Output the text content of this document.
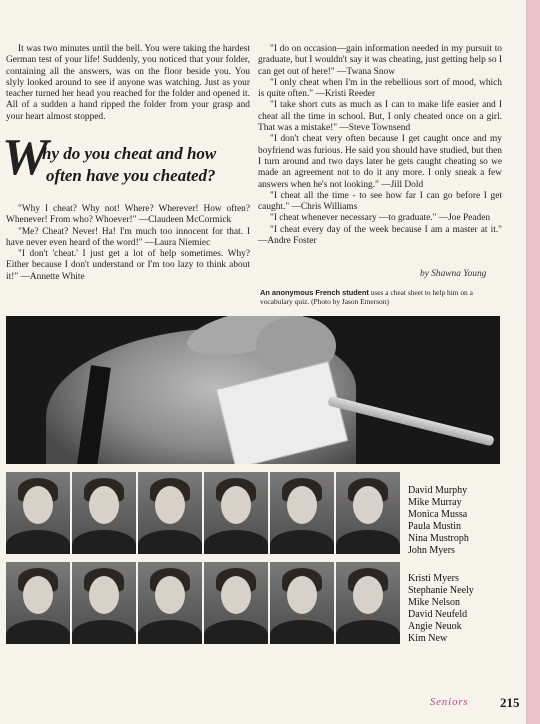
It was two minutes until the bell. You were taking the hardest German test of your life! Suddenly, you noticed that your folder, containing all the answers, was on the floor beside you. You slyly looked around to see if anyone was watching. Just as your teacher turned her head you reached for the folder and opened it. All of a sudden a hand ripped the folder from your grasp and your heart almost stopped.

W
hy do you cheat and how
often have you cheated?

"Why I cheat? Why not! Where? Wherever! How often? Whenever! From who? Whoever!" —Claudeen McCormick

"Me? Cheat? Never! Ha! I'm much too innocent for that. I have never even heard of the word!" —Laura Niemiec

"I don't 'cheat.' I just get a lot of help sometimes. Why? Either because I don't understand or I'm too lazy to think about it!" —Annette White

"I do on occasion—gain information needed in my pursuit to graduate, but I wouldn't say it was cheating, just getting help so I can get out of here!" —Twana Snow

"I only cheat when I'm in the rebellious sort of mood, which is quite often." —Kristi Reeder

"I take short cuts as much as I can to make life easier and I cheat all the time in school. But, I only cheated once on a girl. That was a mistake!" —Steve Townsend

"I don't cheat very often because I get caught once and my boyfriend was furious. He said you should have studied, but then I turn around and two days later he gets caught cheating so we made an agreement not to do it any more. I only sneak a few answers when he's not looking." —Jill Dold

"I cheat all the time - to see how far I can go before I get caught." —Chris Williams

"I cheat whenever necessary —to graduate." —Joe Peaden

"I cheat every day of the week because I am a master at it." —Andre Foster

by Shawna Young
An anonymous French student uses a cheat sheet to help him on a vocabulary quiz. (Photo by Jason Emerson)
David Murphy
Mike Murray
Monica Mussa
Paula Mustin
Nina Mustroph
John Myers
Kristi Myers
Stephanie Neely
Mike Nelson
David Neufeld
Angie Neuok
Kim New
Seniors 215
